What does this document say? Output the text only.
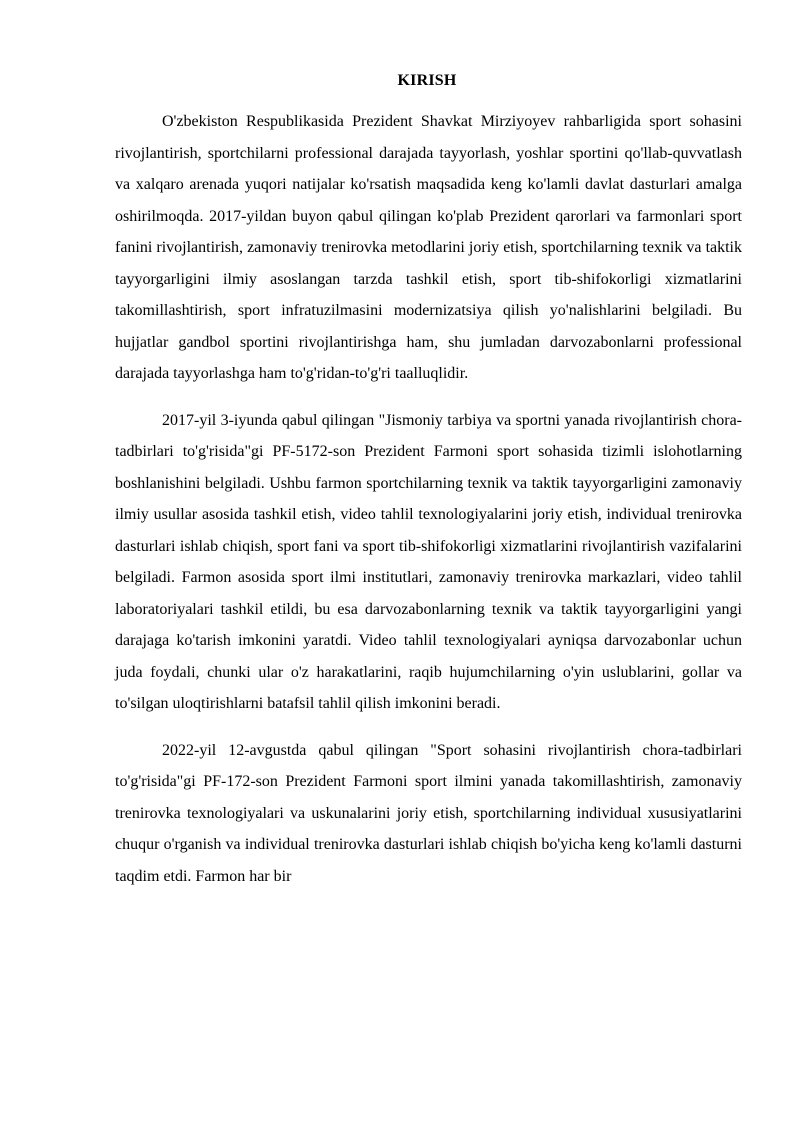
KIRISH

O'zbekiston Respublikasida Prezident Shavkat Mirziyoyev rahbarligida sport sohasini rivojlantirish, sportchilarni professional darajada tayyorlash, yoshlar sportini qo'llab-quvvatlash va xalqaro arenada yuqori natijalar ko'rsatish maqsadida keng ko'lamli davlat dasturlari amalga oshirilmoqda. 2017-yildan buyon qabul qilingan ko'plab Prezident qarorlari va farmonlari sport fanini rivojlantirish, zamonaviy trenirovka metodlarini joriy etish, sportchilarning texnik va taktik tayyorgarligini ilmiy asoslangan tarzda tashkil etish, sport tib-shifokorligi xizmatlarini takomillashtirish, sport infratuzilmasini modernizatsiya qilish yo'nalishlarini belgiladi. Bu hujjatlar gandbol sportini rivojlantirishga ham, shu jumladan darvozabonlarni professional darajada tayyorlashga ham to'g'ridan-to'g'ri taalluqlidir.

2017-yil 3-iyunda qabul qilingan "Jismoniy tarbiya va sportni yanada rivojlantirish chora-tadbirlari to'g'risida"gi PF-5172-son Prezident Farmoni sport sohasida tizimli islohotlarning boshlanishini belgiladi. Ushbu farmon sportchilarning texnik va taktik tayyorgarligini zamonaviy ilmiy usullar asosida tashkil etish, video tahlil texnologiyalarini joriy etish, individual trenirovka dasturlari ishlab chiqish, sport fani va sport tib-shifokorligi xizmatlarini rivojlantirish vazifalarini belgiladi. Farmon asosida sport ilmi institutlari, zamonaviy trenirovka markazlari, video tahlil laboratoriyalari tashkil etildi, bu esa darvozabonlarning texnik va taktik tayyorgarligini yangi darajaga ko'tarish imkonini yaratdi. Video tahlil texnologiyalari ayniqsa darvozabonlar uchun juda foydali, chunki ular o'z harakatlarini, raqib hujumchilarning o'yin uslublarini, gollar va to'silgan uloqtirishlarni batafsil tahlil qilish imkonini beradi.

2022-yil 12-avgustda qabul qilingan "Sport sohasini rivojlantirish chora-tadbirlari to'g'risida"gi PF-172-son Prezident Farmoni sport ilmini yanada takomillashtirish, zamonaviy trenirovka texnologiyalari va uskunalarini joriy etish, sportchilarning individual xususiyatlarini chuqur o'rganish va individual trenirovka dasturlari ishlab chiqish bo'yicha keng ko'lamli dasturni taqdim etdi. Farmon har bir
